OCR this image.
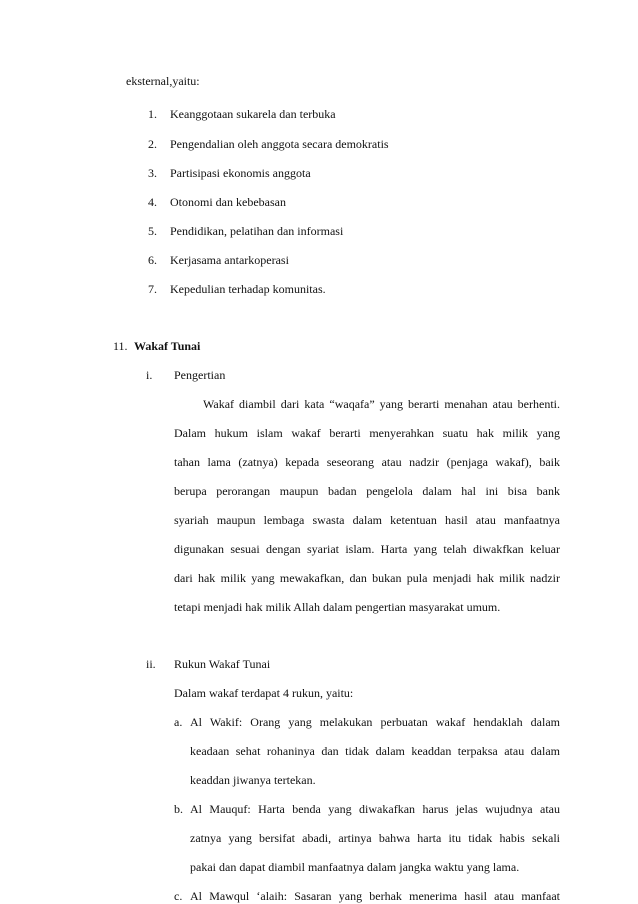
eksternal,yaitu:
1. Keanggotaan sukarela dan terbuka
2. Pengendalian oleh anggota secara demokratis
3. Partisipasi ekonomis anggota
4. Otonomi dan kebebasan
5. Pendidikan, pelatihan dan informasi
6. Kerjasama antarkoperasi
7. Kepedulian terhadap komunitas.
11. Wakaf Tunai
i. Pengertian
Wakaf diambil dari kata “waqafa” yang berarti menahan atau berhenti.
Dalam hukum islam wakaf berarti menyerahkan suatu hak milik yang
tahan lama (zatnya) kepada seseorang atau nadzir (penjaga wakaf), baik
berupa perorangan maupun badan pengelola dalam hal ini bisa bank
syariah maupun lembaga swasta dalam ketentuan hasil atau manfaatnya
digunakan sesuai dengan syariat islam. Harta yang telah diwakfkan keluar
dari hak milik yang mewakafkan, dan bukan pula menjadi hak milik nadzir
tetapi menjadi hak milik Allah dalam pengertian masyarakat umum.
ii. Rukun Wakaf Tunai
Dalam wakaf terdapat 4 rukun, yaitu:
a. Al Wakif: Orang yang melakukan perbuatan wakaf hendaklah dalam
keadaan sehat rohaninya dan tidak dalam keaddan terpaksa atau dalam
keaddan jiwanya tertekan.
b. Al Mauquf: Harta benda yang diwakafkan harus jelas wujudnya atau
zatnya yang bersifat abadi, artinya bahwa harta itu tidak habis sekali
pakai dan dapat diambil manfaatnya dalam jangka waktu yang lama.
c. Al Mawqul ‘alaih: Sasaran yang berhak menerima hasil atau manfaat
